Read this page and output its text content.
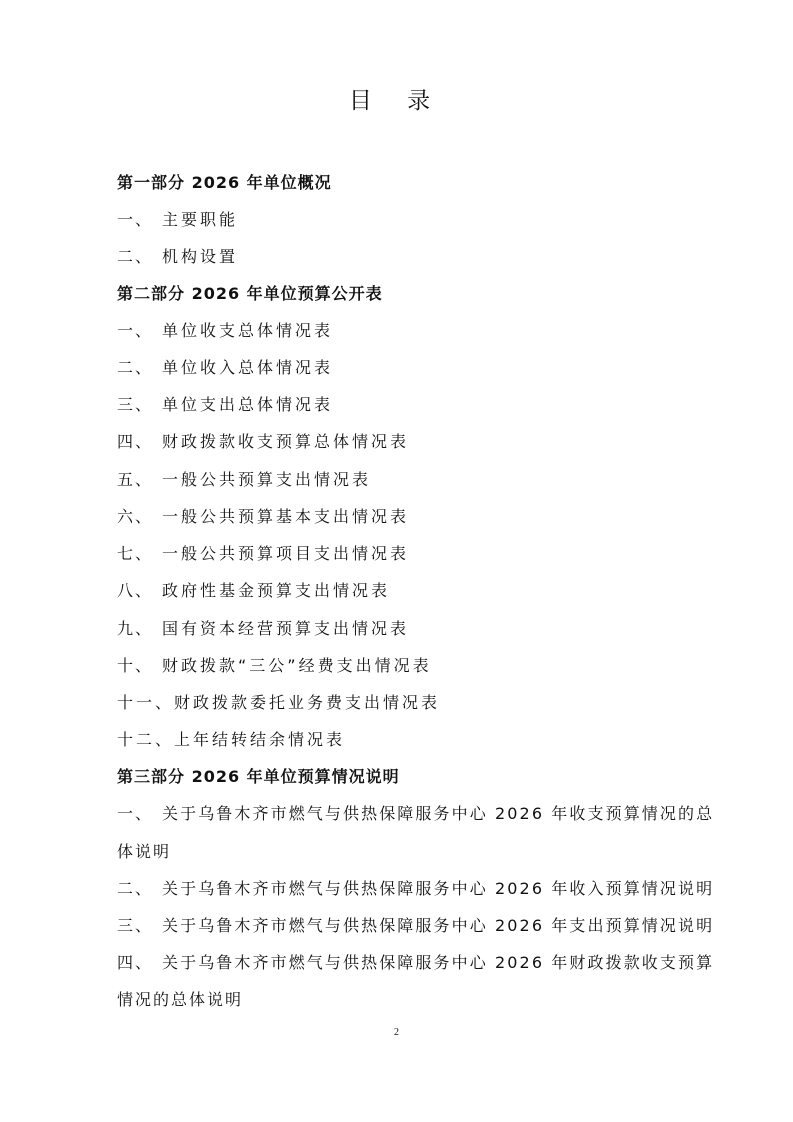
目 录
第一部分 2026 年单位概况
一、 主要职能
二、 机构设置
第二部分 2026 年单位预算公开表
一、 单位收支总体情况表
二、 单位收入总体情况表
三、 单位支出总体情况表
四、 财政拨款收支预算总体情况表
五、 一般公共预算支出情况表
六、 一般公共预算基本支出情况表
七、 一般公共预算项目支出情况表
八、 政府性基金预算支出情况表
九、 国有资本经营预算支出情况表
十、 财政拨款“三公”经费支出情况表
十一、财政拨款委托业务费支出情况表
十二、上年结转结余情况表
第三部分 2026 年单位预算情况说明
一、 关于乌鲁木齐市燃气与供热保障服务中心 2026 年收支预算情况的总
体说明
二、 关于乌鲁木齐市燃气与供热保障服务中心 2026 年收入预算情况说明
三、 关于乌鲁木齐市燃气与供热保障服务中心 2026 年支出预算情况说明
四、 关于乌鲁木齐市燃气与供热保障服务中心 2026 年财政拨款收支预算
情况的总体说明
2
